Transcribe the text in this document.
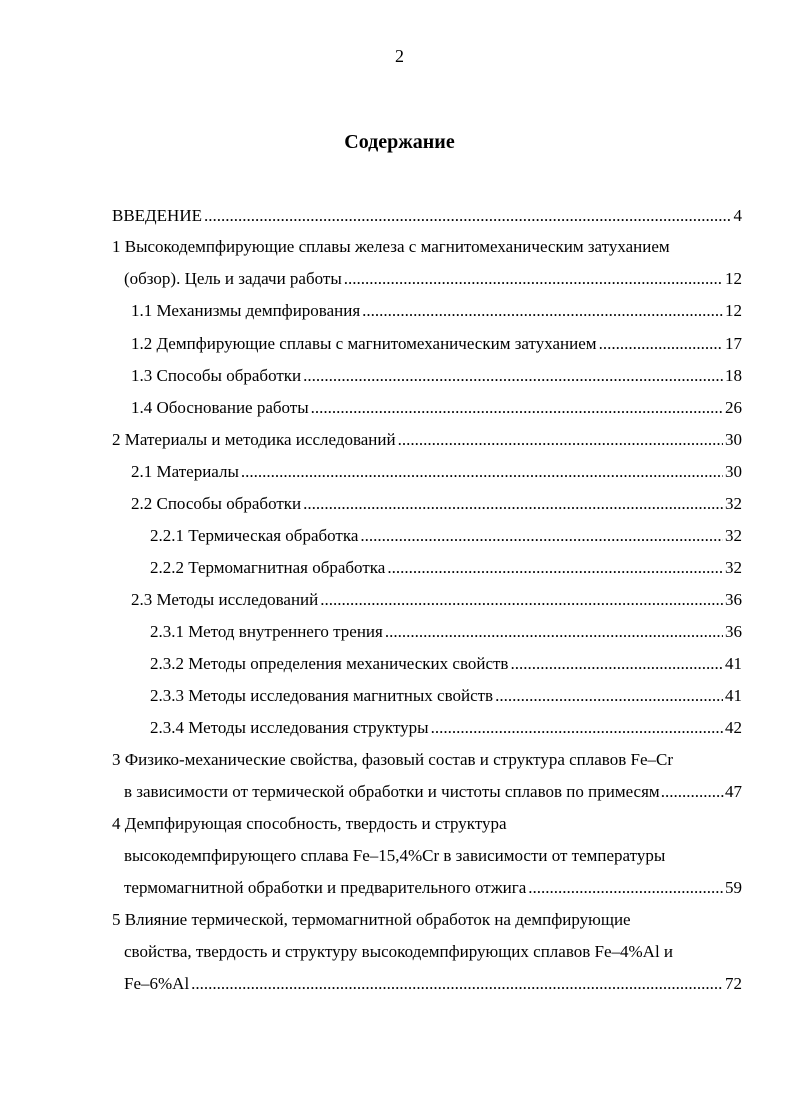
2
Содержание
ВВЕДЕНИЕ .....	4
1 Высокодемпфирующие сплавы железа с магнитомеханическим затуханием
(обзор). Цель и задачи работы .....	12
1.1 Механизмы демпфирования .....	12
1.2 Демпфирующие сплавы с магнитомеханическим затуханием .....	17
1.3 Способы обработки .....	18
1.4 Обоснование работы .....	26
2 Материалы и методика исследований .....	30
2.1 Материалы .....	30
2.2 Способы обработки .....	32
2.2.1 Термическая обработка .....	32
2.2.2 Термомагнитная обработка .....	32
2.3 Методы исследований .....	36
2.3.1 Метод внутреннего трения .....	36
2.3.2 Методы определения механических свойств .....	41
2.3.3 Методы исследования магнитных свойств .....	41
2.3.4 Методы исследования структуры .....	42
3 Физико-механические свойства, фазовый состав и структура сплавов Fe–Cr
в зависимости от термической обработки и чистоты сплавов по примесям .....	47
4 Демпфирующая способность, твердость и структура
высокодемпфирующего сплава Fe–15,4%Cr в зависимости от температуры
термомагнитной обработки и предварительного отжига .....	59
5 Влияние термической, термомагнитной обработок на демпфирующие
свойства, твердость и структуру высокодемпфирующих сплавов Fe–4%Al и
Fe–6%Al .....	72
